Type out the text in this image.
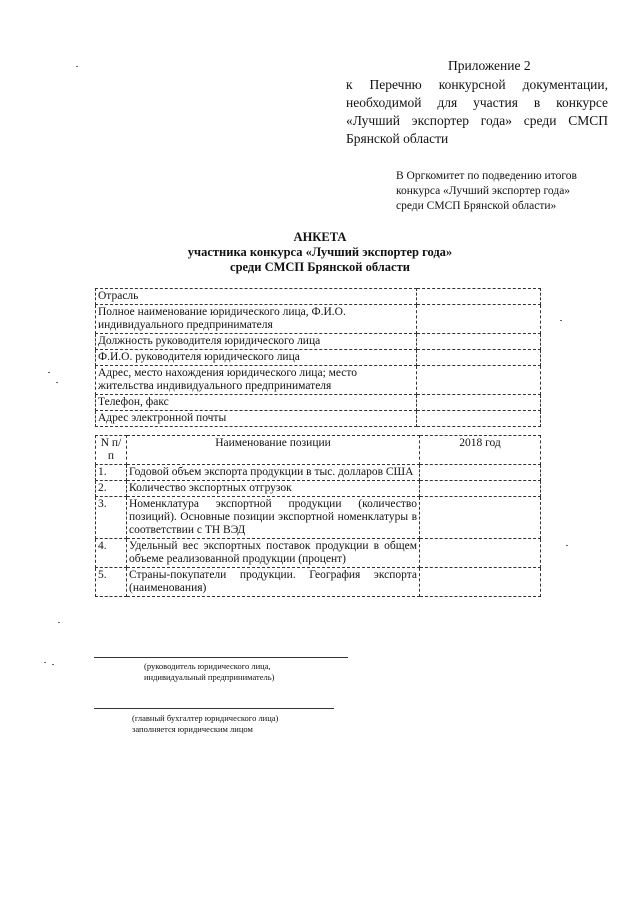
Приложение 2
к Перечню конкурсной документации,
необходимой для участия в конкурсе
«Лучший экспортер года» среди СМСП
Брянской области
В Оргкомитет по подведению итогов
конкурса «Лучший экспортер года»
среди СМСП Брянской области»
АНКЕТА
участника конкурса «Лучший экспортер года»
среди СМСП Брянской области
Отрасль	
Полное наименование юридического лица, Ф.И.О. индивидуального предпринимателя	
Должность руководителя юридического лица	
Ф.И.О. руководителя юридического лица	
Адрес, место нахождения юридического лица; место жительства индивидуального предпринимателя	
Телефон, факс	
Адрес электронной почты	
N п/п	Наименование позиции	2018 год
1.	Годовой объем экспорта продукции в тыс. долларов США	
2.	Количество экспортных отгрузок	
3.	Номенклатура экспортной продукции (количество позиций). Основные позиции экспортной номенклатуры в соответствии с ТН ВЭД	
4.	Удельный вес экспортных поставок продукции в общем объеме реализованной продукции (процент)	
5.	Страны-покупатели продукции. География экспорта (наименования)	
(руководитель юридического лица,
индивидуальный предприниматель)
(главный бухгалтер юридического лица)
заполняется юридическим лицом
